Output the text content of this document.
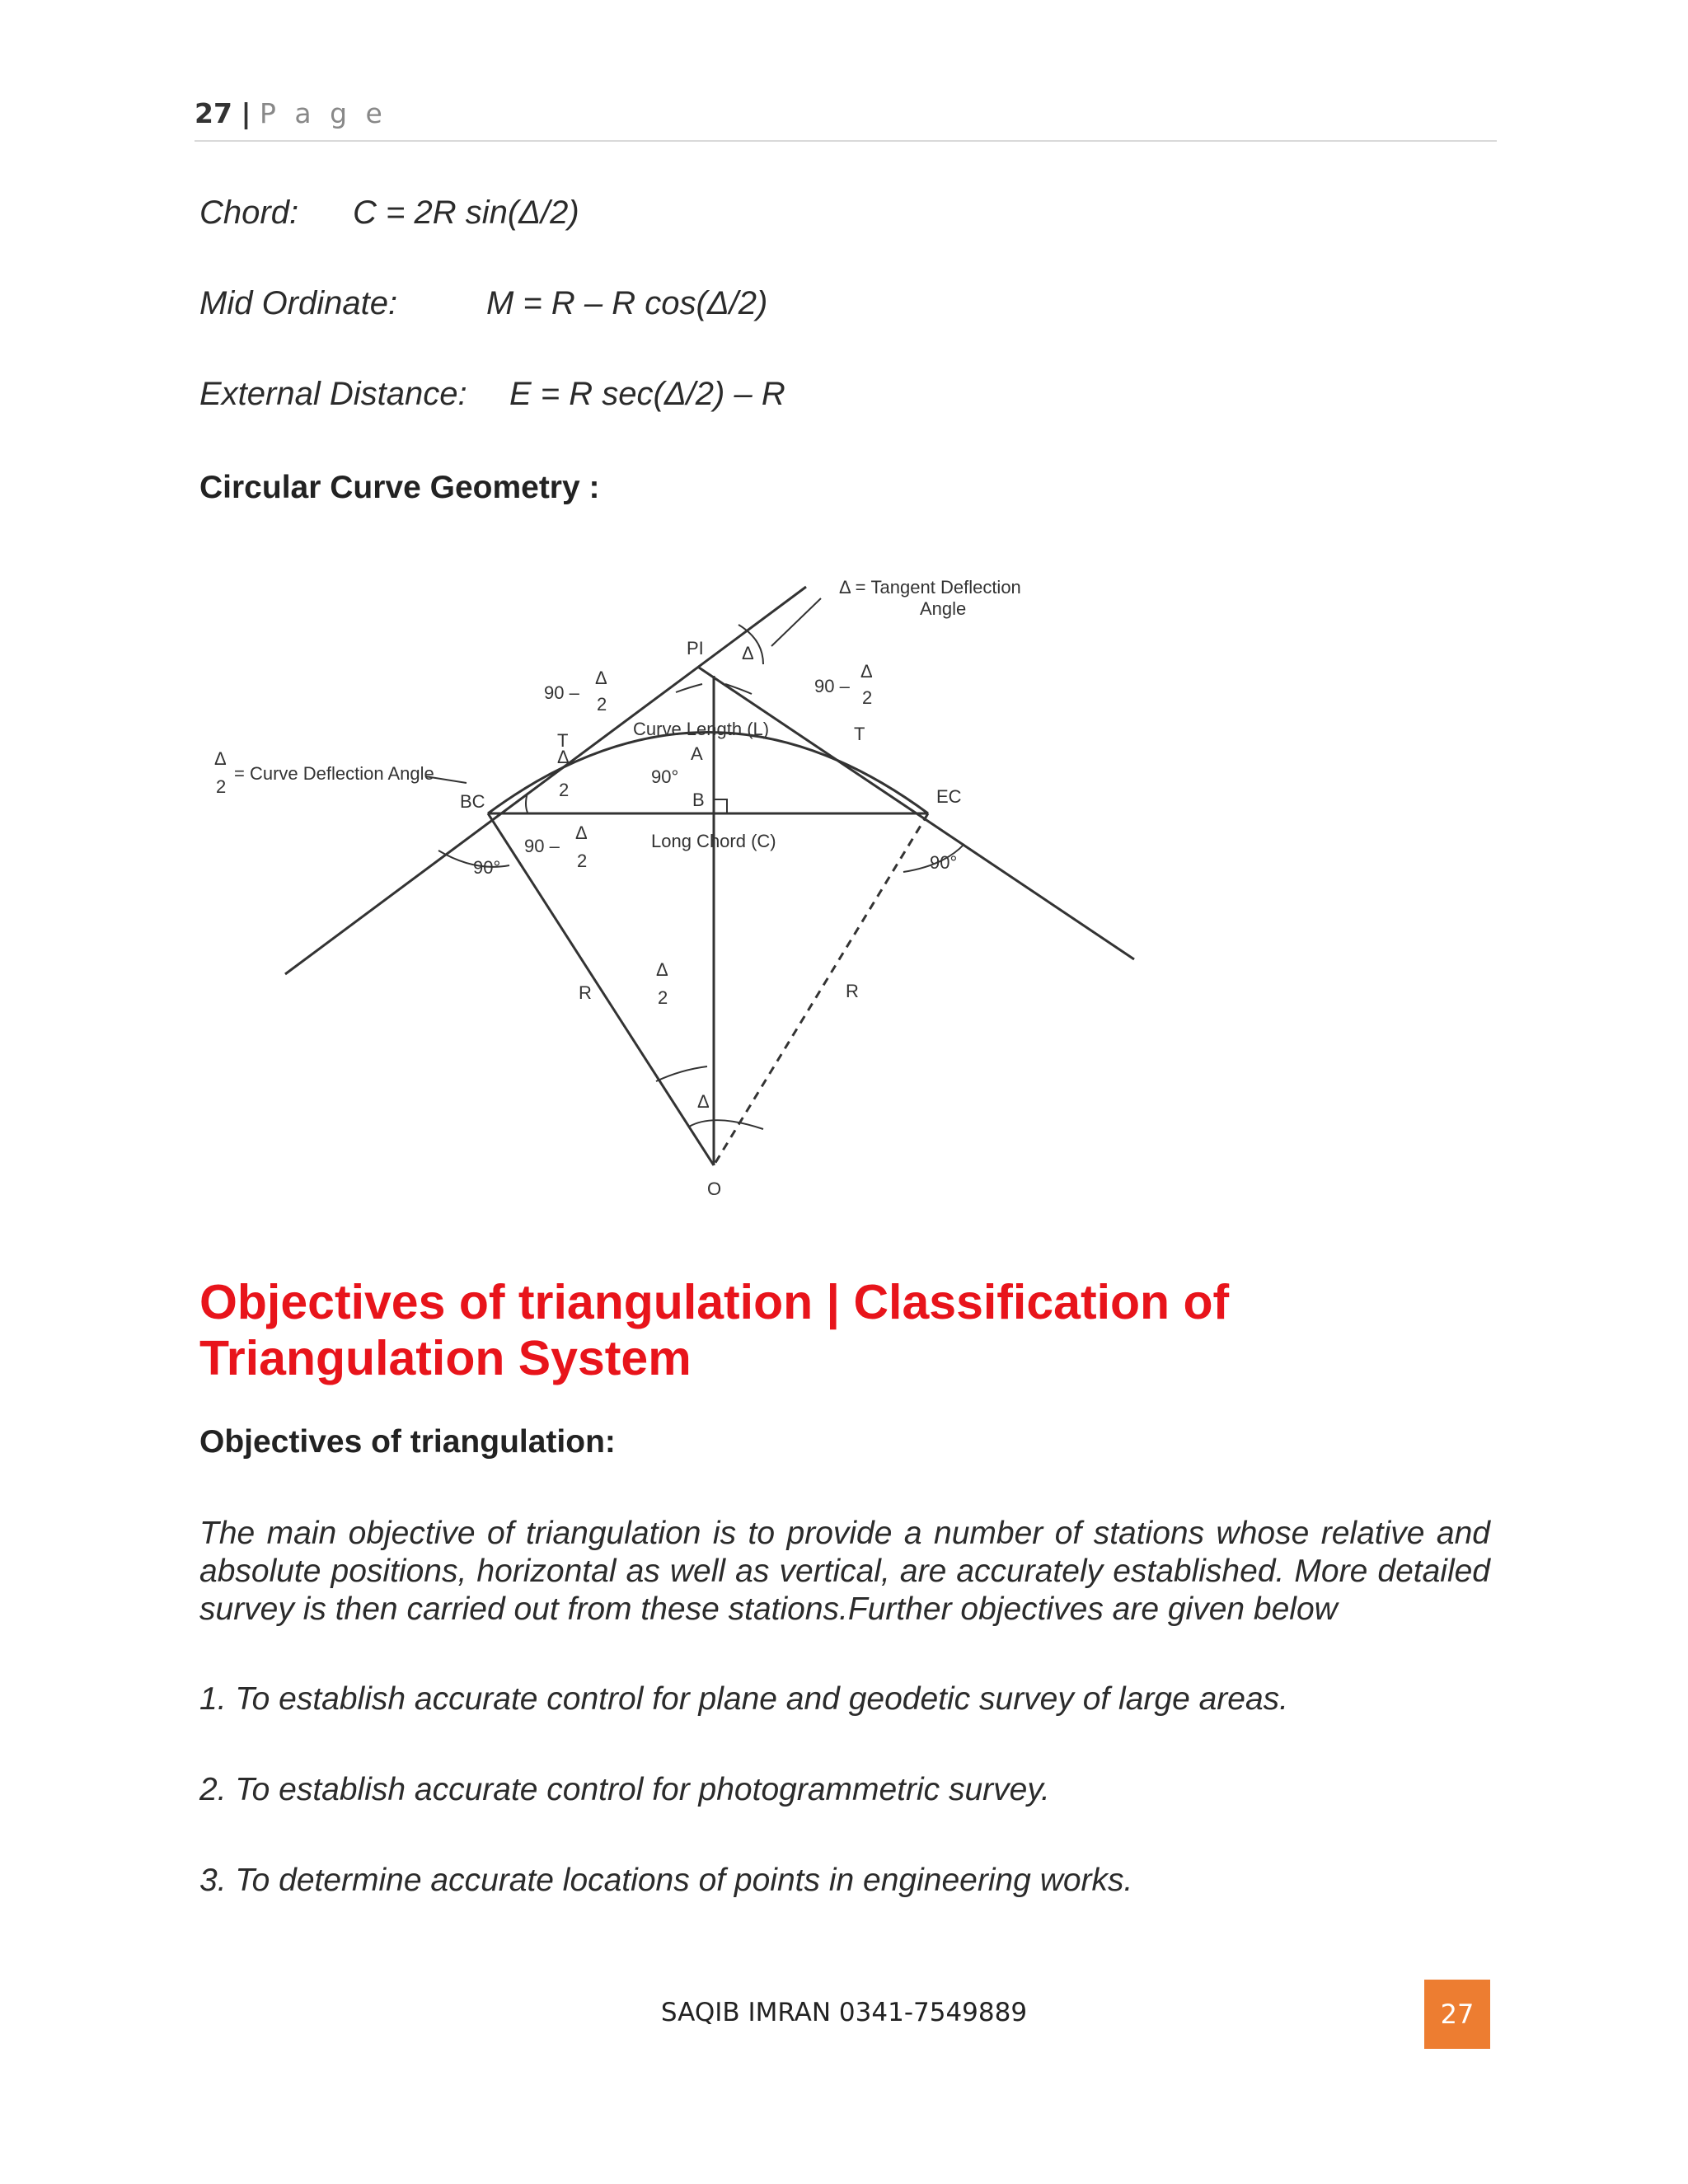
27 | P a g e
Chord: C = 2R sin(Δ/2)
Mid Ordinate:	M = R – R cos(Δ/2)
External Distance: E = R sec(Δ/2) – R
Circular Curve Geometry :
Δ = Tangent Deflection
Angle
PI Δ
90 –
Δ
2
90 –
Δ
2
Curve Length (L)
T	T
A
B
90°
Δ
2
Δ
2
= Curve Deflection Angle
BC	EC
90 –
Δ
2
Long Chord (C)
90°	90°
R	R
Δ
2
Δ
O
Objectives of triangulation | Classification of Triangulation System
Objectives of triangulation:
The main objective of triangulation is to provide a number of stations whose relative and absolute positions, horizontal as well as vertical, are accurately established. More detailed survey is then carried out from these stations.Further objectives are given below
1. To establish accurate control for plane and geodetic survey of large areas.
2. To establish accurate control for photogrammetric survey.
3. To determine accurate locations of points in engineering works.
SAQIB IMRAN 0341-7549889	27
